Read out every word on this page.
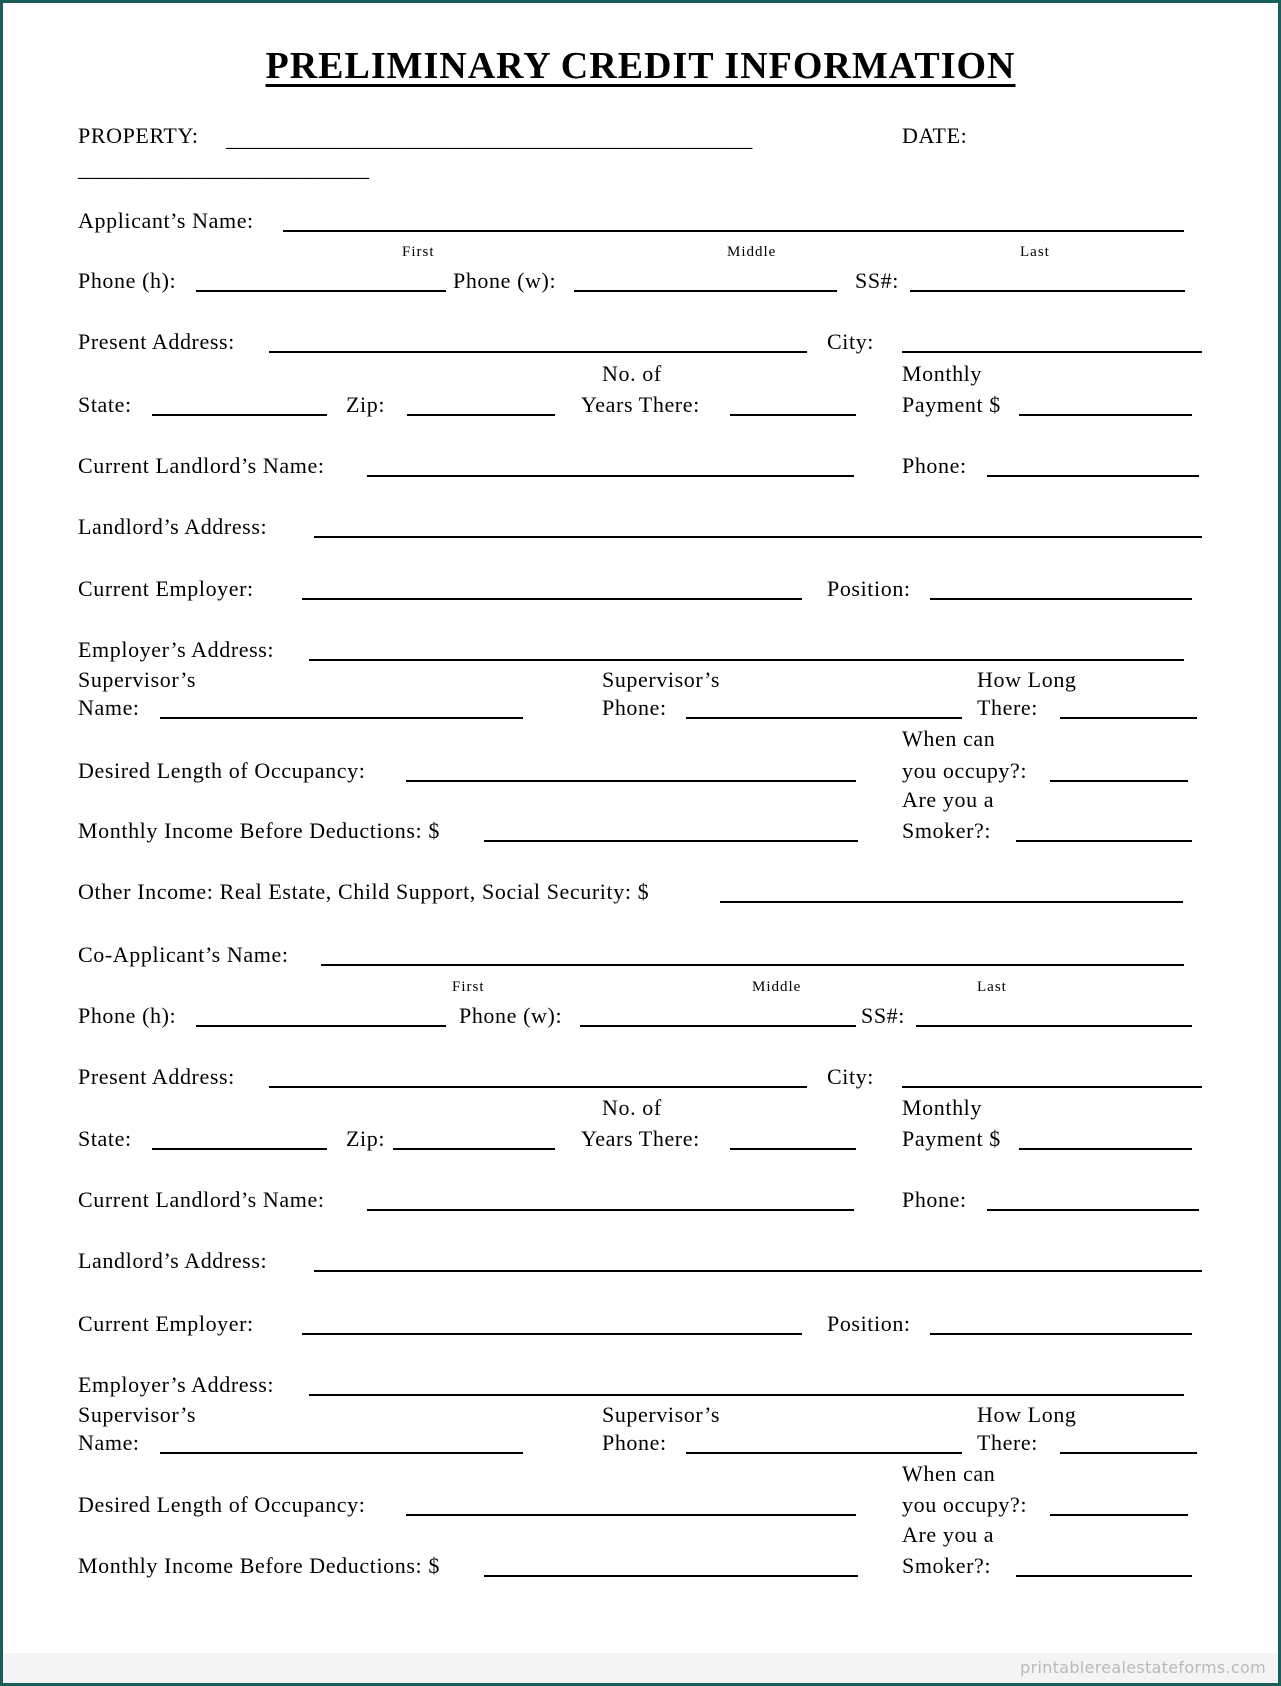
PRELIMINARY CREDIT INFORMATION
PROPERTY: _______________________________________________	DATE:
__________________________
Applicant’s Name:
First	Middle	Last
Phone (h):	Phone (w):	SS#:
Present Address:	City:
No. of	Monthly
State:	Zip:	Years There:	Payment $
Current Landlord’s Name:	Phone:
Landlord’s Address:
Current Employer:	Position:
Employer’s Address:
Supervisor’s	Supervisor’s	How Long
Name:	Phone:	There:
When can
Desired Length of Occupancy:	you occupy?:
Are you a
Monthly Income Before Deductions: $	Smoker?:
Other Income: Real Estate, Child Support, Social Security: $
Co-Applicant’s Name:
First	Middle	Last
Phone (h):	Phone (w):	SS#:
Present Address:	City:
No. of	Monthly
State:	Zip:	Years There:	Payment $
Current Landlord’s Name:	Phone:
Landlord’s Address:
Current Employer:	Position:
Employer’s Address:
Supervisor’s	Supervisor’s	How Long
Name:	Phone:	There:
When can
Desired Length of Occupancy:	you occupy?:
Are you a
Monthly Income Before Deductions: $	Smoker?:
printablerealestateforms.com
